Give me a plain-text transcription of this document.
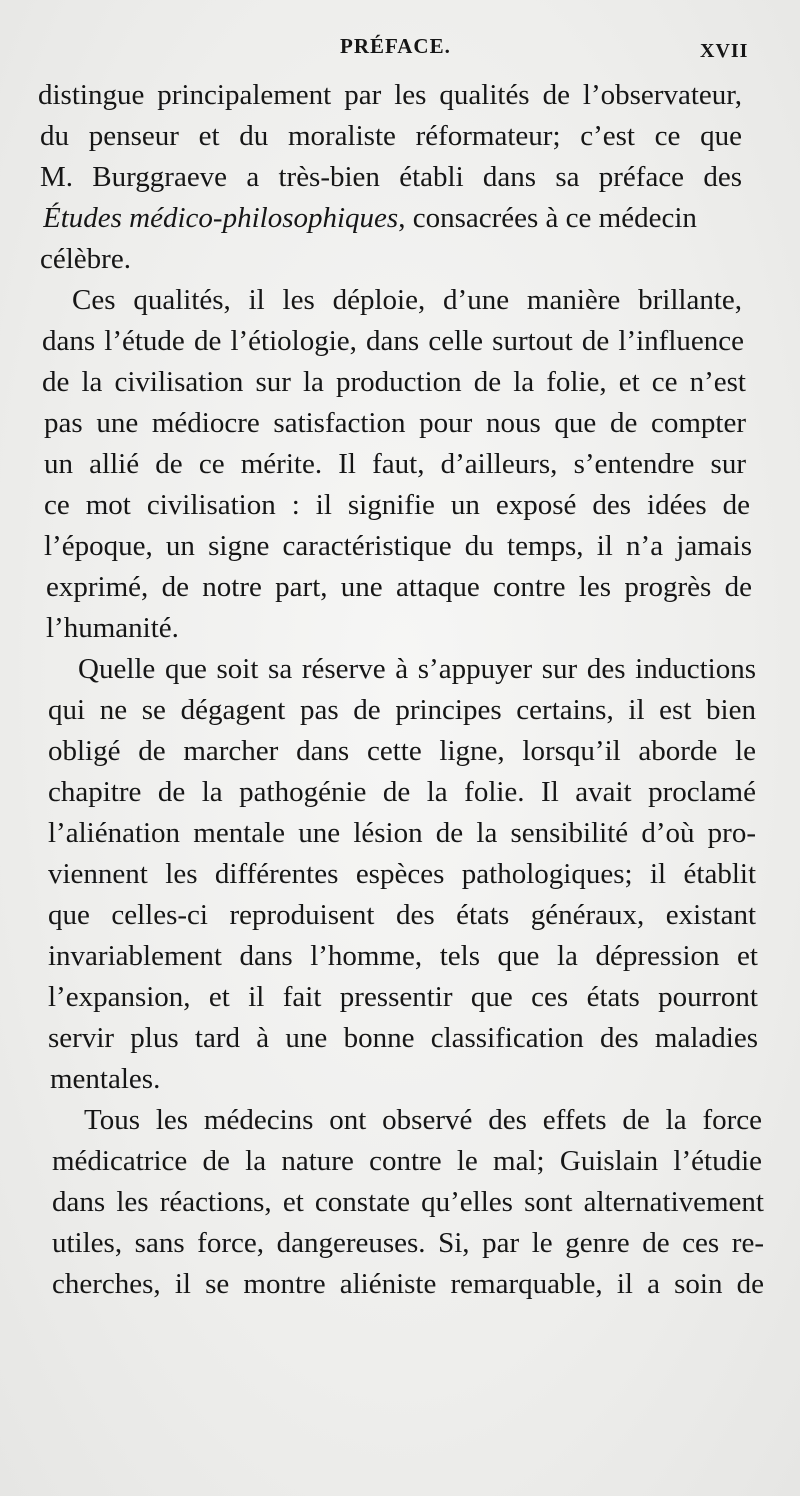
PRÉFACE.	XVII
distingue principalement par les qualités de l’observateur,
du penseur et du moraliste réformateur; c’est ce que
M. Burggraeve a très-bien établi dans sa préface des
Études médico-philosophiques, consacrées à ce médecin
célèbre.
Ces qualités, il les déploie, d’une manière brillante,
dans l’étude de l’étiologie, dans celle surtout de l’influence
de la civilisation sur la production de la folie, et ce n’est
pas une médiocre satisfaction pour nous que de compter
un allié de ce mérite. Il faut, d’ailleurs, s’entendre sur
ce mot civilisation : il signifie un exposé des idées de
l’époque, un signe caractéristique du temps, il n’a jamais
exprimé, de notre part, une attaque contre les progrès de
l’humanité.
Quelle que soit sa réserve à s’appuyer sur des inductions
qui ne se dégagent pas de principes certains, il est bien
obligé de marcher dans cette ligne, lorsqu’il aborde le
chapitre de la pathogénie de la folie. Il avait proclamé
l’aliénation mentale une lésion de la sensibilité d’où pro-
viennent les différentes espèces pathologiques; il établit
que celles-ci reproduisent des états généraux, existant
invariablement dans l’homme, tels que la dépression et
l’expansion, et il fait pressentir que ces états pourront
servir plus tard à une bonne classification des maladies
mentales.
Tous les médecins ont observé des effets de la force
médicatrice de la nature contre le mal; Guislain l’étudie
dans les réactions, et constate qu’elles sont alternativement
utiles, sans force, dangereuses. Si, par le genre de ces re-
cherches, il se montre aliéniste remarquable, il a soin de
